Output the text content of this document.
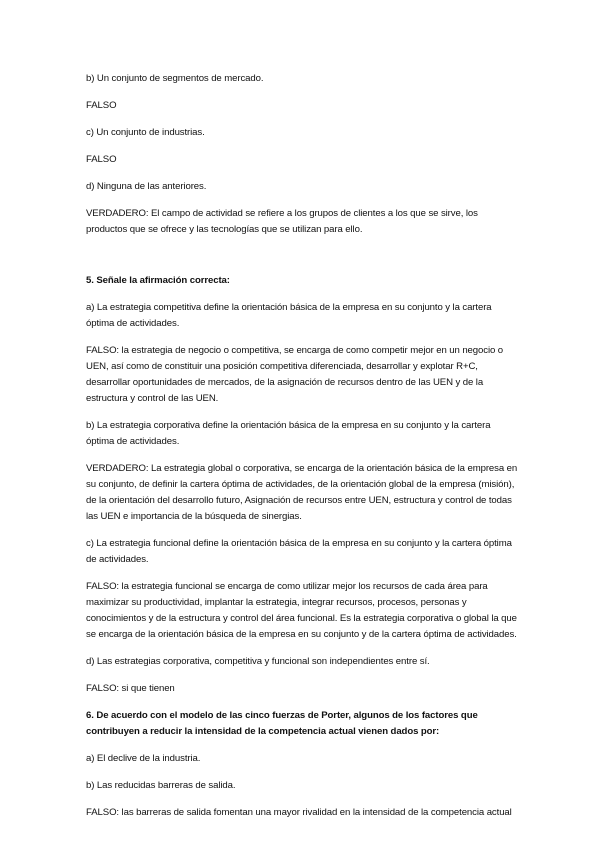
b) Un conjunto de segmentos de mercado.

FALSO

c) Un conjunto de industrias.

FALSO

d) Ninguna de las anteriores.

VERDADERO: El campo de actividad se refiere a los grupos de clientes a los que se sirve, los productos que se ofrece y las tecnologías que se utilizan para ello.

5. Señale la afirmación correcta:

a) La estrategia competitiva define la orientación básica de la empresa en su conjunto y la cartera óptima de actividades.

FALSO: la estrategia de negocio o competitiva, se encarga de como competir mejor en un negocio o UEN, así como de constituir una posición competitiva diferenciada, desarrollar y explotar R+C, desarrollar oportunidades de mercados, de la asignación de recursos dentro de las UEN y de la estructura y control de las UEN.

b) La estrategia corporativa define la orientación básica de la empresa en su conjunto y la cartera óptima de actividades.

VERDADERO: La estrategia global o corporativa, se encarga de la orientación básica de la empresa en su conjunto, de definir la cartera óptima de actividades, de la orientación global de la empresa (misión), de la orientación del desarrollo futuro, Asignación de recursos entre UEN, estructura y control de todas las UEN e importancia de la búsqueda de sinergias.

c) La estrategia funcional define la orientación básica de la empresa en su conjunto y la cartera óptima de actividades.

FALSO: la estrategia funcional se encarga de como utilizar mejor los recursos de cada área para maximizar su productividad, implantar la estrategia, integrar recursos, procesos, personas y conocimientos y de la estructura y control del área funcional. Es la estrategia corporativa o global la que se encarga de la orientación básica de la empresa en su conjunto y de la cartera óptima de actividades.

d) Las estrategias corporativa, competitiva y funcional son independientes entre sí.

FALSO: si que tienen

6. De acuerdo con el modelo de las cinco fuerzas de Porter, algunos de los factores que contribuyen a reducir la intensidad de la competencia actual vienen dados por:

a) El declive de la industria.

b) Las reducidas barreras de salida.

FALSO: las barreras de salida fomentan una mayor rivalidad en la intensidad de la competencia actual
